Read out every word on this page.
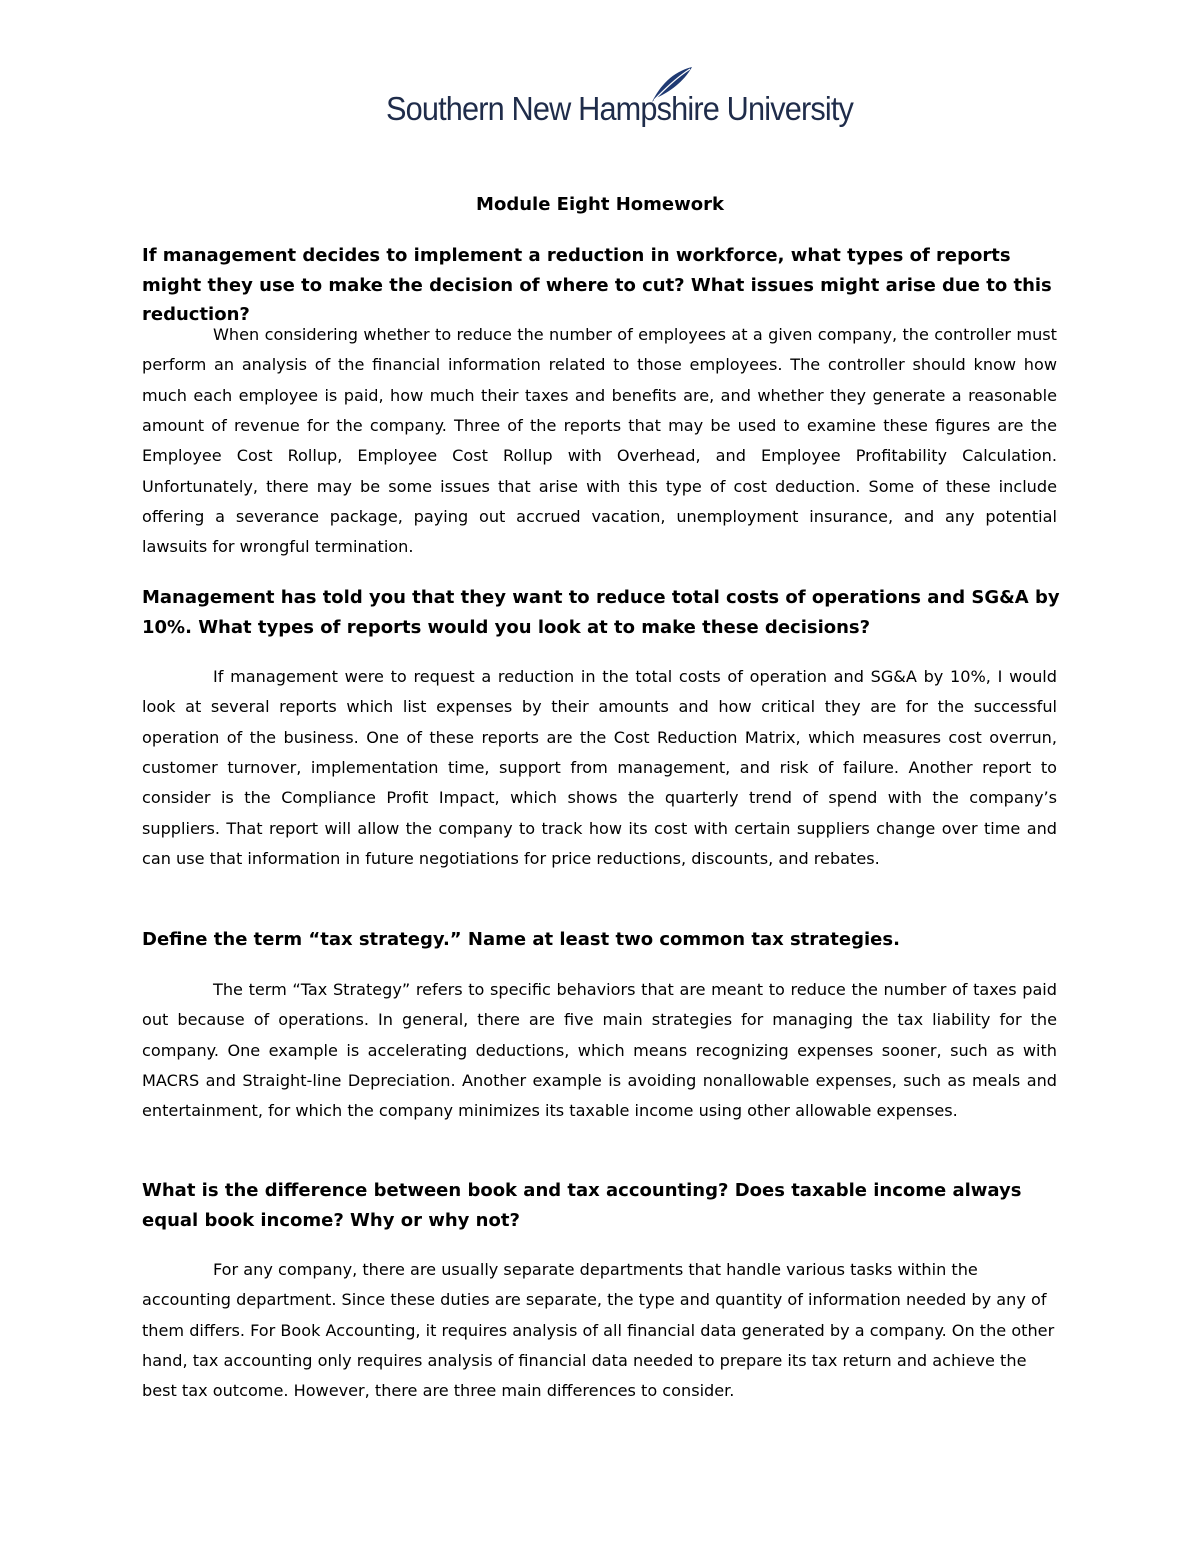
Southern New Hampshire University
Module Eight Homework
If management decides to implement a reduction in workforce, what types of reports might they use to make the decision of where to cut? What issues might arise due to this reduction?

When considering whether to reduce the number of employees at a given company, the controller must perform an analysis of the financial information related to those employees. The controller should know how much each employee is paid, how much their taxes and benefits are, and whether they generate a reasonable amount of revenue for the company. Three of the reports that may be used to examine these figures are the Employee Cost Rollup, Employee Cost Rollup with Overhead, and Employee Profitability Calculation. Unfortunately, there may be some issues that arise with this type of cost deduction. Some of these include offering a severance package, paying out accrued vacation, unemployment insurance, and any potential lawsuits for wrongful termination.

Management has told you that they want to reduce total costs of operations and SG&A by 10%. What types of reports would you look at to make these decisions?

If management were to request a reduction in the total costs of operation and SG&A by 10%, I would look at several reports which list expenses by their amounts and how critical they are for the successful operation of the business. One of these reports are the Cost Reduction Matrix, which measures cost overrun, customer turnover, implementation time, support from management, and risk of failure. Another report to consider is the Compliance Profit Impact, which shows the quarterly trend of spend with the company’s suppliers. That report will allow the company to track how its cost with certain suppliers change over time and can use that information in future negotiations for price reductions, discounts, and rebates.

Define the term “tax strategy.” Name at least two common tax strategies.

The term “Tax Strategy” refers to specific behaviors that are meant to reduce the number of taxes paid out because of operations. In general, there are five main strategies for managing the tax liability for the company. One example is accelerating deductions, which means recognizing expenses sooner, such as with MACRS and Straight-line Depreciation. Another example is avoiding nonallowable expenses, such as meals and entertainment, for which the company minimizes its taxable income using other allowable expenses.

What is the difference between book and tax accounting? Does taxable income always equal book income? Why or why not?

For any company, there are usually separate departments that handle various tasks within the accounting department. Since these duties are separate, the type and quantity of information needed by any of them differs. For Book Accounting, it requires analysis of all financial data generated by a company. On the other hand, tax accounting only requires analysis of financial data needed to prepare its tax return and achieve the best tax outcome. However, there are three main differences to consider.
